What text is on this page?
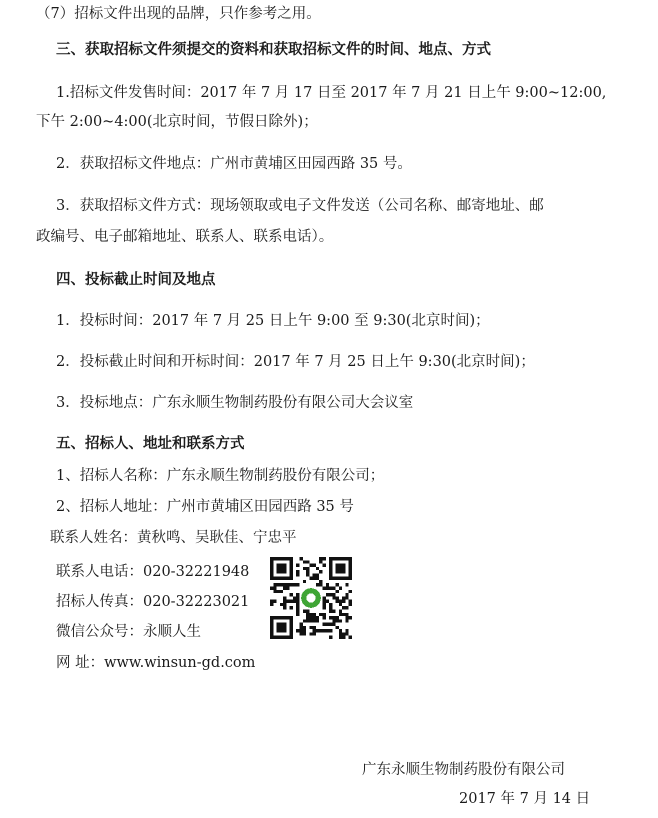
（7）招标文件出现的品牌，只作参考之用。
三、获取招标文件须提交的资料和获取招标文件的时间、地点、方式
1.招标文件发售时间：2017 年 7 月 17 日至 2017 年 7 月 21 日上午 9:00~12:00,
下午 2:00~4:00(北京时间，节假日除外)；
2．获取招标文件地点：广州市黄埔区田园西路 35 号。
3．获取招标文件方式：现场领取或电子文件发送（公司名称、邮寄地址、邮
政编号、电子邮箱地址、联系人、联系电话）。
四、投标截止时间及地点
1．投标时间：2017 年 7 月 25 日上午 9:00 至 9:30(北京时间)；
2．投标截止时间和开标时间：2017 年 7 月 25 日上午 9:30(北京时间)；
3．投标地点：广东永顺生物制药股份有限公司大会议室
五、招标人、地址和联系方式
1、招标人名称：广东永顺生物制药股份有限公司；
2、招标人地址：广州市黄埔区田园西路 35 号
联系人姓名：黄秋鸣、吴耿佳、宁忠平
联系人电话：020-32221948
招标人传真：020-32223021
微信公众号：永顺人生
网 址：www.winsun-gd.com
广东永顺生物制药股份有限公司
2017 年 7 月 14 日
